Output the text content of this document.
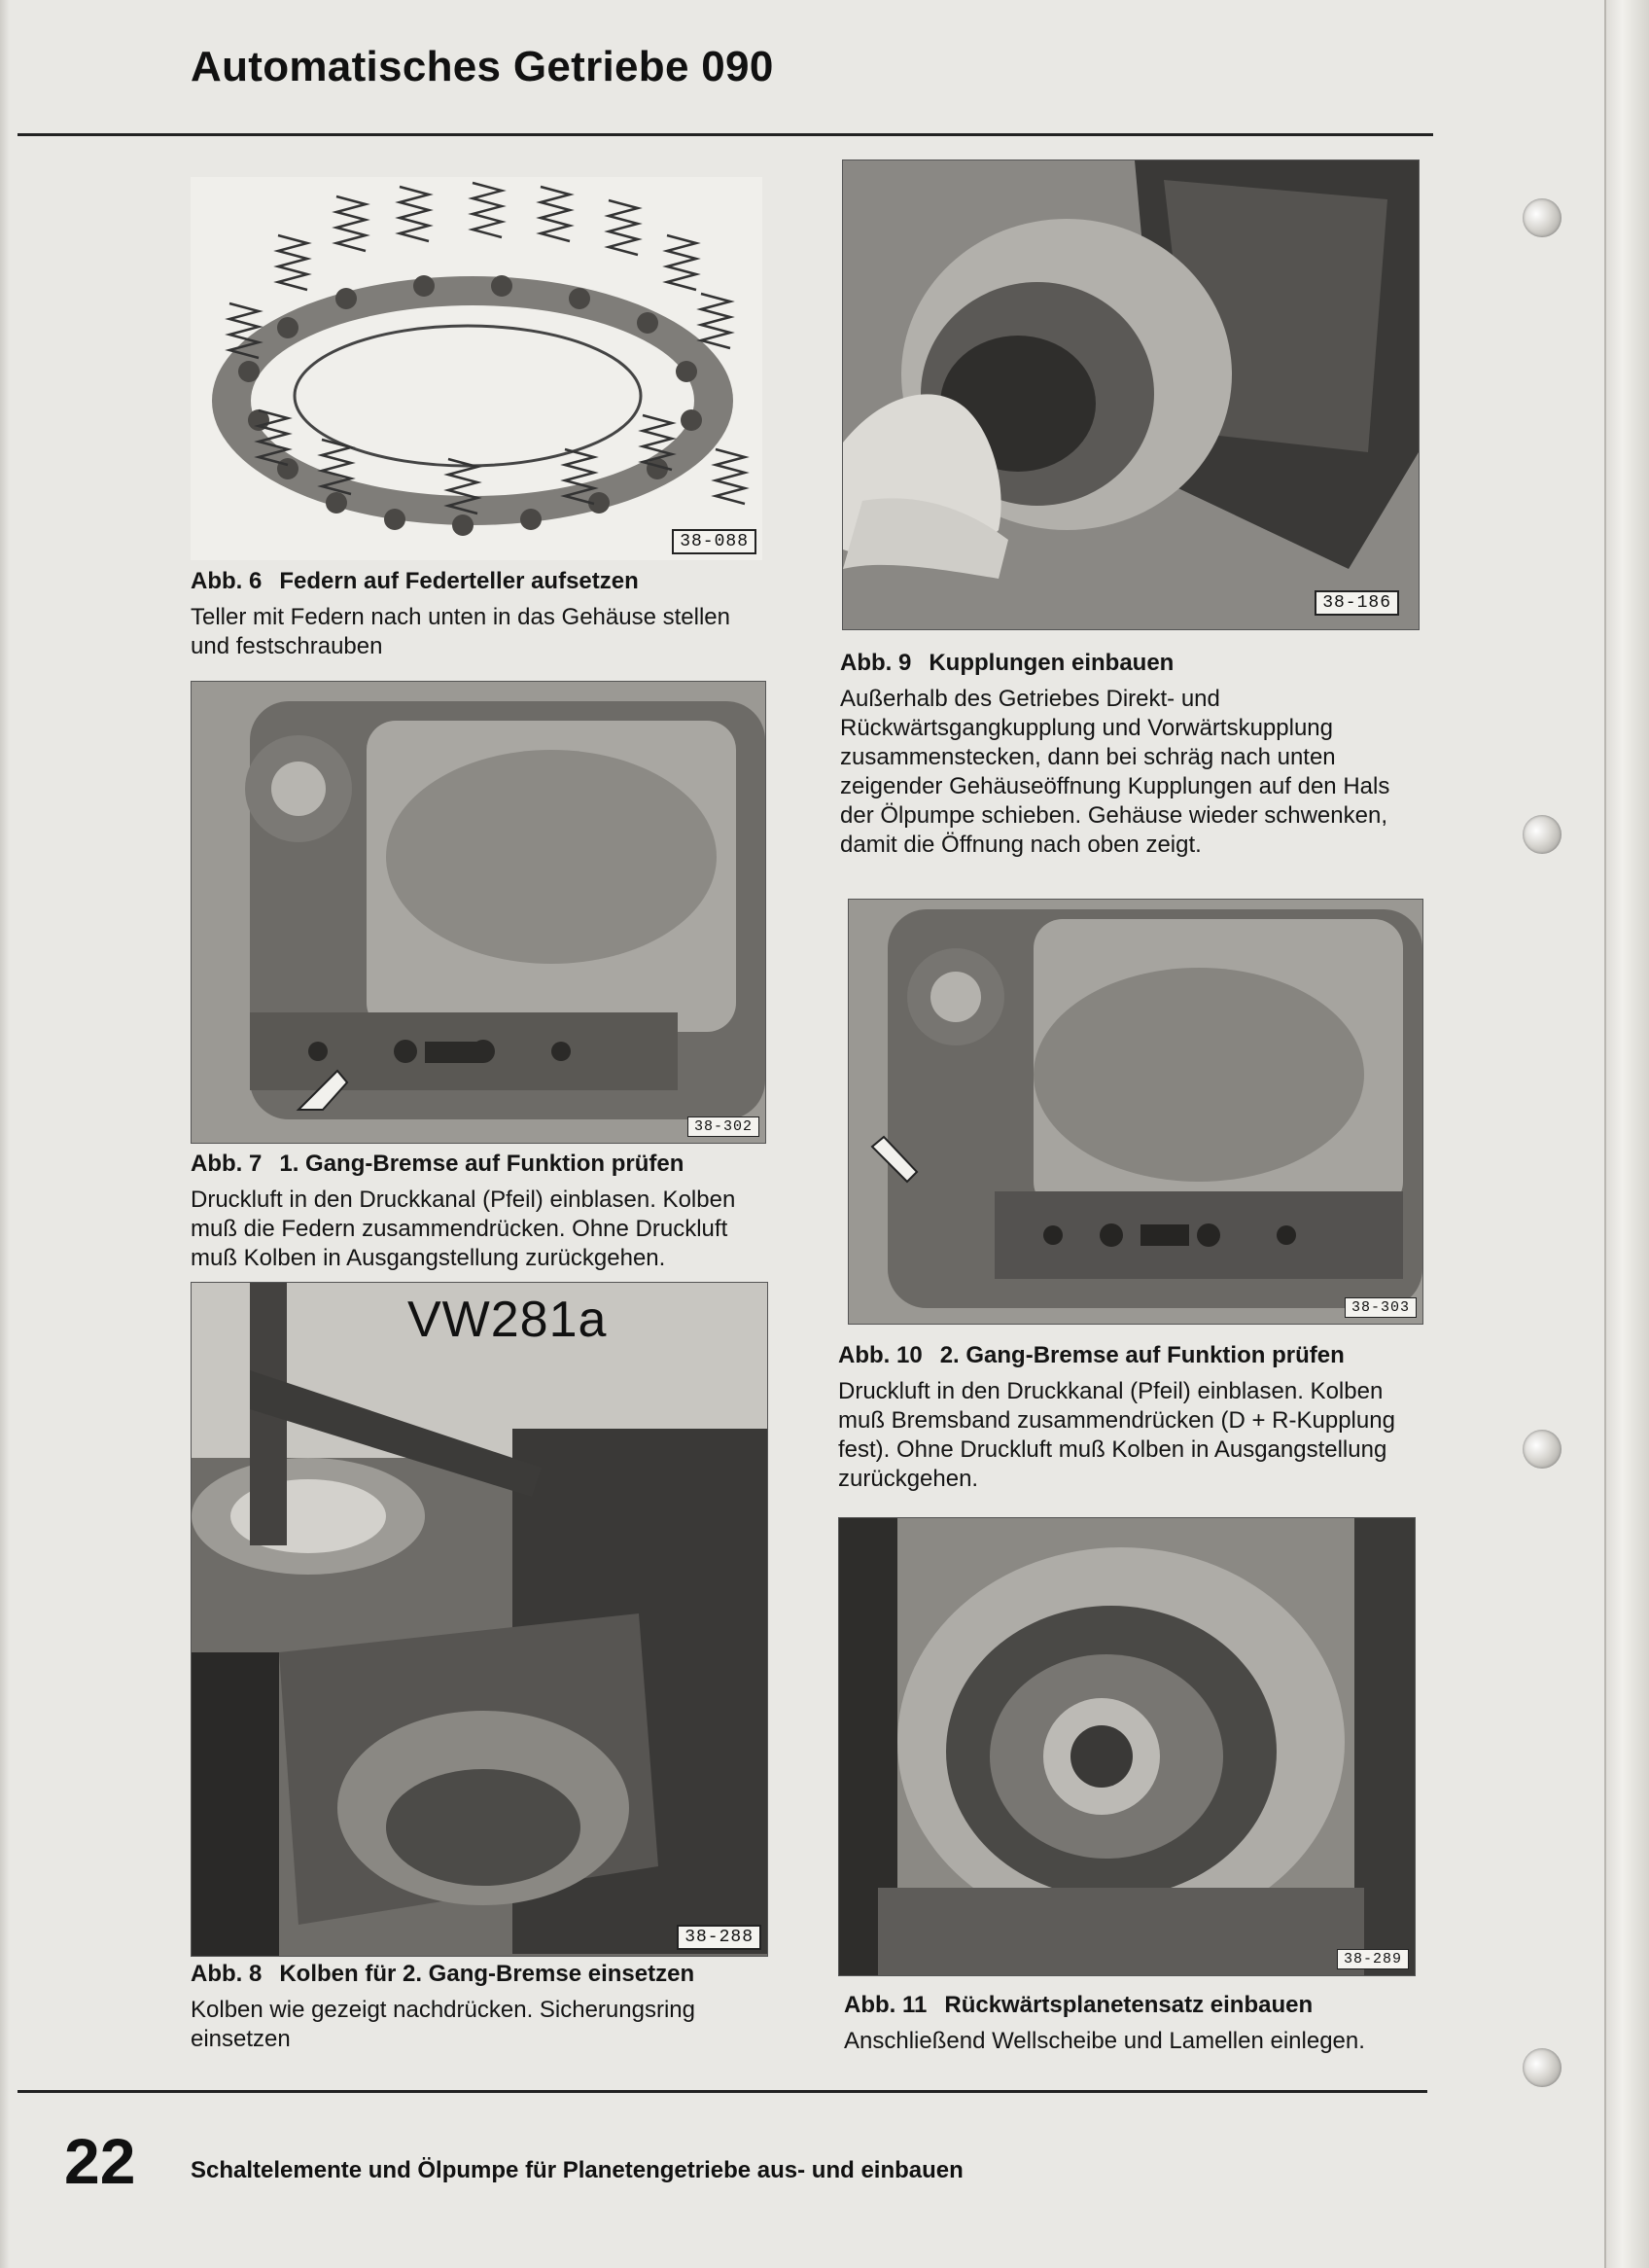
Automatisches Getriebe 090
38-088

Abb. 6 Federn auf Federteller aufsetzen

Teller mit Federn nach unten in das Gehäuse stellen und festschrauben

38-302

Abb. 7 1. Gang-Bremse auf Funktion prüfen

Druckluft in den Druckkanal (Pfeil) einblasen. Kolben muß die Federn zusammendrücken. Ohne Druckluft muß Kolben in Ausgangstellung zurückgehen.

VW281a
38-288

Abb. 8 Kolben für 2. Gang-Bremse einsetzen

Kolben wie gezeigt nachdrücken. Sicherungsring einsetzen

38-186

Abb. 9 Kupplungen einbauen

Außerhalb des Getriebes Direkt- und Rückwärtsgangkupplung und Vorwärtskupplung zusammenstecken, dann bei schräg nach unten zeigender Gehäuseöffnung Kupplungen auf den Hals der Ölpumpe schieben. Gehäuse wieder schwenken, damit die Öffnung nach oben zeigt.

38-303

Abb. 10 2. Gang-Bremse auf Funktion prüfen

Druckluft in den Druckkanal (Pfeil) einblasen. Kolben muß Bremsband zusammendrücken (D + R-Kupplung fest). Ohne Druckluft muß Kolben in Ausgangstellung zurückgehen.

38-289

Abb. 11 Rückwärtsplanetensatz einbauen

Anschließend Wellscheibe und Lamellen einlegen.

22 Schaltelemente und Ölpumpe für Planetengetriebe aus- und einbauen
